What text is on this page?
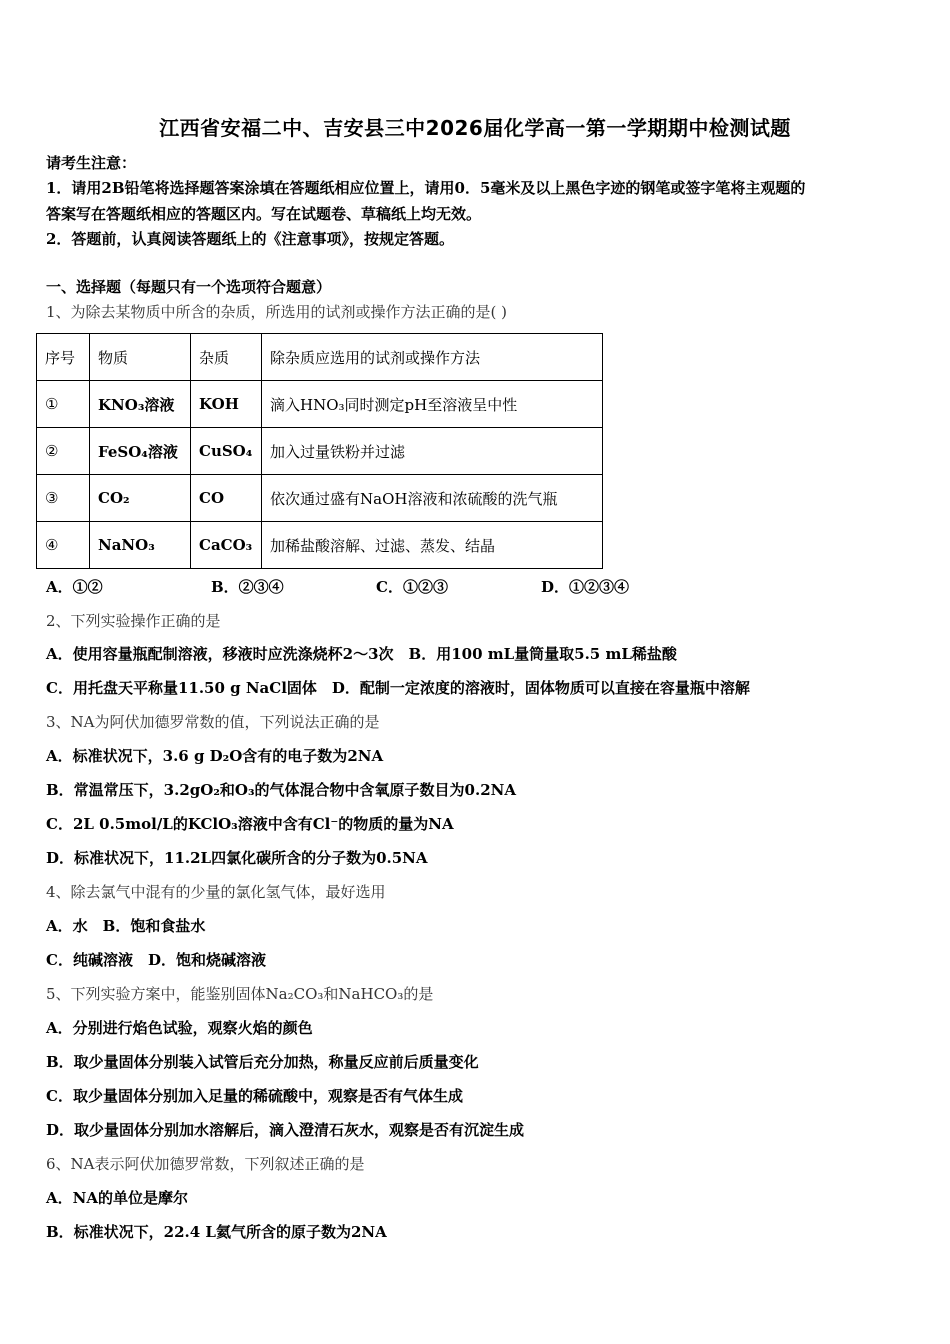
江西省安福二中、吉安县三中2026届化学高一第一学期期中检测试题
请考生注意：
1．请用2B铅笔将选择题答案涂填在答题纸相应位置上，请用0．5毫米及以上黑色字迹的钢笔或签字笔将主观题的
答案写在答题纸相应的答题区内。写在试题卷、草稿纸上均无效。
2．答题前，认真阅读答题纸上的《注意事项》，按规定答题。
一、选择题（每题只有一个选项符合题意）
1、为除去某物质中所含的杂质，所选用的试剂或操作方法正确的是( )
序号	物质	杂质	除杂质应选用的试剂或操作方法
①	KNO₃溶液	KOH	滴入HNO₃同时测定pH至溶液呈中性
②	FeSO₄溶液	CuSO₄	加入过量铁粉并过滤
③	CO₂	CO	依次通过盛有NaOH溶液和浓硫酸的洗气瓶
④	NaNO₃	CaCO₃	加稀盐酸溶解、过滤、蒸发、结晶
A．①②	B．②③④	C．①②③	D．①②③④
2、下列实验操作正确的是
A．使用容量瓶配制溶液，移液时应洗涤烧杯2～3次　B．用100 mL量筒量取5.5 mL稀盐酸
C．用托盘天平称量11.50 g NaCl固体　D．配制一定浓度的溶液时，固体物质可以直接在容量瓶中溶解
3、NA为阿伏加德罗常数的值，下列说法正确的是
A．标准状况下，3.6 g D₂O含有的电子数为2NA
B．常温常压下，3.2gO₂和O₃的气体混合物中含氧原子数目为0.2NA
C．2L 0.5mol/L的KClO₃溶液中含有Cl⁻的物质的量为NA
D．标准状况下，11.2L四氯化碳所含的分子数为0.5NA
4、除去氯气中混有的少量的氯化氢气体，最好选用
A．水　B．饱和食盐水
C．纯碱溶液　D．饱和烧碱溶液
5、下列实验方案中，能鉴别固体Na₂CO₃和NaHCO₃的是
A．分别进行焰色试验，观察火焰的颜色
B．取少量固体分别装入试管后充分加热，称量反应前后质量变化
C．取少量固体分别加入足量的稀硫酸中，观察是否有气体生成
D．取少量固体分别加水溶解后，滴入澄清石灰水，观察是否有沉淀生成
6、NA表示阿伏加德罗常数，下列叙述正确的是
A．NA的单位是摩尔
B．标准状况下，22.4 L氦气所含的原子数为2NA
